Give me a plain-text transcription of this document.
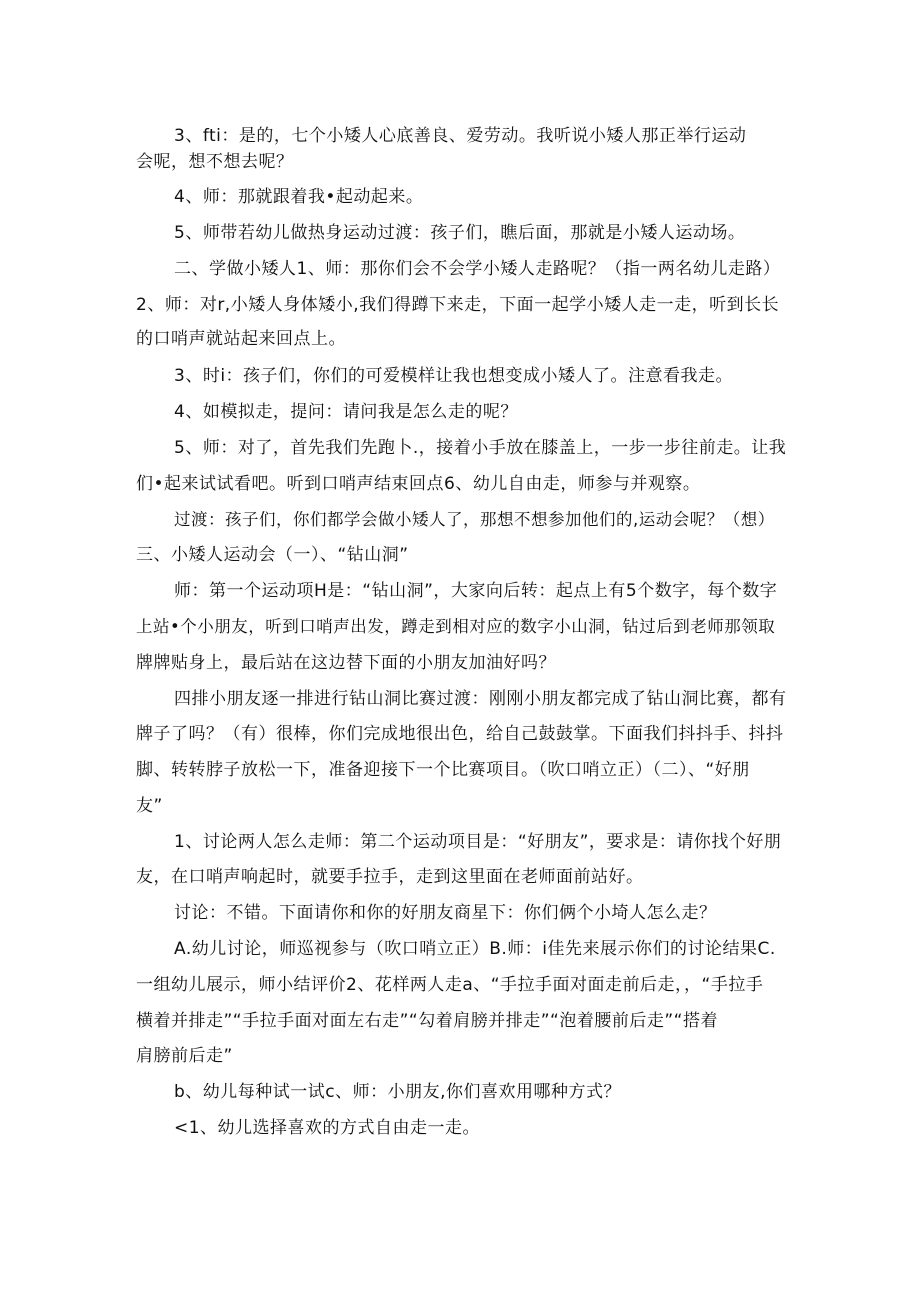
3、fti：是的，七个小矮人心底善良、爱劳动。我听说小矮人那正举行运动

会呢，想不想去呢？

4、师：那就跟着我•起动起来。

5、师带若幼儿做热身运动过渡：孩子们，瞧后面，那就是小矮人运动场。

二、学做小矮人1、师：那你们会不会学小矮人走路呢？（指一两名幼儿走路）

2、师：对r,小矮人身体矮小,我们得蹲下来走，下面一起学小矮人走一走，听到长长

的口哨声就站起来回点上。

3、时i：孩子们，你们的可爱模样让我也想变成小矮人了。注意看我走。

4、如模拟走，提问：请问我是怎么走的呢？

5、师：对了，首先我们先跑卜.，接着小手放在膝盖上，一步一步往前走。让我

们•起来试试看吧。听到口哨声结束回点6、幼儿自由走，师参与并观察。

过渡：孩子们，你们都学会做小矮人了，那想不想参加他们的,运动会呢？（想）

三、小矮人运动会（一）、“钻山洞”

师：第一个运动项H是：“钻山洞”，大家向后转：起点上有5个数字，每个数字

上站•个小朋友，听到口哨声出发，蹲走到相对应的数字小山洞，钻过后到老师那领取

牌牌贴身上，最后站在这边替下面的小朋友加油好吗？

四排小朋友逐一排进行钻山洞比赛过渡：刚刚小朋友都完成了钻山洞比赛，都有

牌子了吗？（有）很棒，你们完成地很出色，给自己鼓鼓掌。下面我们抖抖手、抖抖

脚、转转脖子放松一下，准备迎接下一个比赛项目。（吹口哨立正）（二）、“好朋

友”

1、讨论两人怎么走师：第二个运动项目是：“好朋友”，要求是：请你找个好朋

友，在口哨声响起时，就要手拉手，走到这里面在老师面前站好。

讨论：不错。下面请你和你的好朋友商星下：你们俩个小埼人怎么走？

A.幼儿讨论，师巡视参与（吹口哨立正）B.师：i佳先来展示你们的讨论结果C.

一组幼儿展示，师小结评价2、花样两人走a、“手拉手面对面走前后走，，“手拉手

横着并排走”“手拉手面对面左右走”“勾着肩膀并排走”“泡着腰前后走”“搭着

肩膀前后走”

b、幼儿每种试一试c、师：小朋友,你们喜欢用哪种方式？

<1、幼儿选择喜欢的方式自由走一走。
